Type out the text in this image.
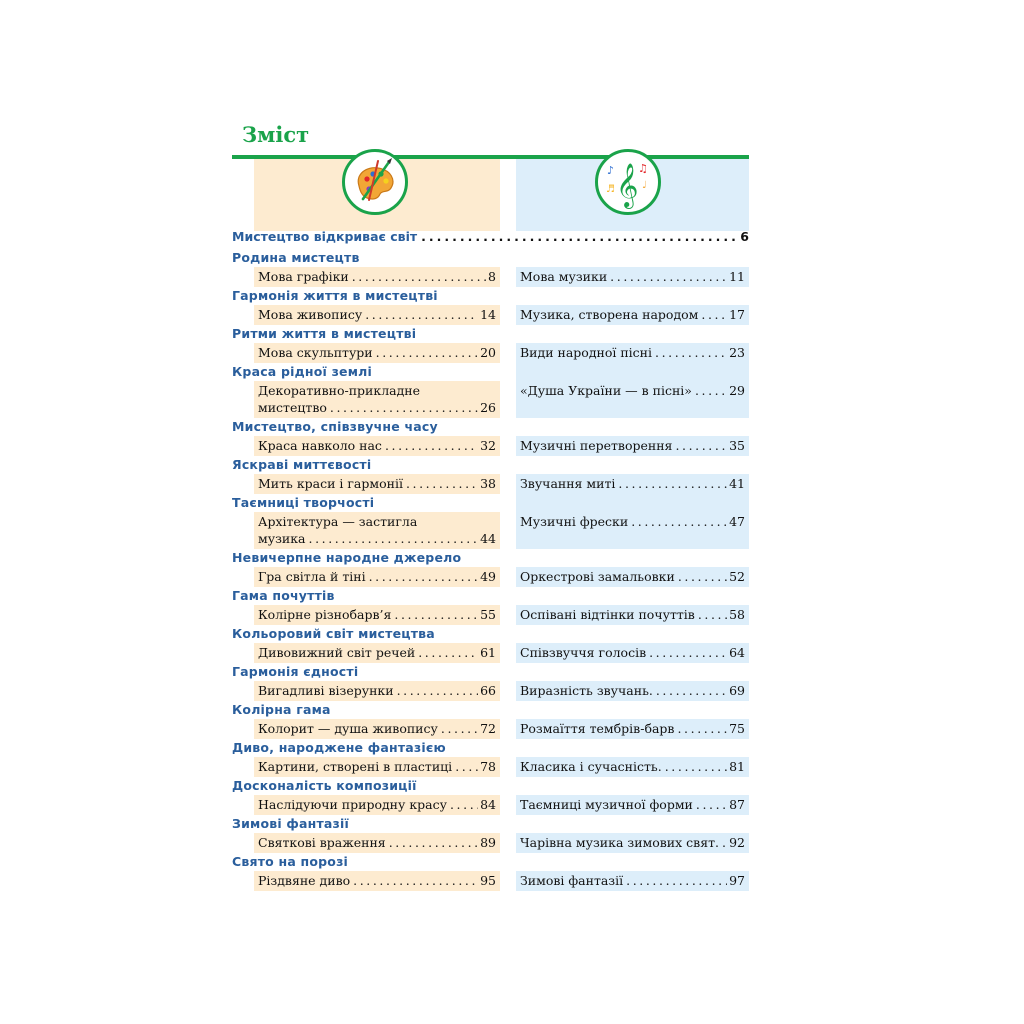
Зміст
𝄞
♪ ♫
♩
♬
Мистецтво відкриває світ .....	6
Родина мистецтв
Мова графіки .....	8 Мова музики .....	11
Гармонія життя в мистецтві
Мова живопису .....	14 Музика, створена народом ..... 17
Ритми життя в мистецтві
Мова скульптури .....	20 Види народної пісні .....	23
Краса рідної землі
Декоративно-прикладне
мистецтво .....	26
«Душа України — в пісні» .....	29
Мистецтво, співзвучне часу
Краса навколо нас .....	32 Музичні перетворення .....	35
Яскраві миттєвості
Мить краси і гармонії .....	38 Звучання миті .....	41
Таємниці творчості
Архітектура — застигла
музика .....	44
Музичні фрески .....	47
Невичерпне народне джерело
Гра світла й тіні .....	49 Оркестрові замальовки .....	52
Гама почуттів
Колірне різнобарв’я .....	55 Оспівані відтінки почуттів .....	58
Кольоровий світ мистецтва
Дивовижний світ речей .....	61 Співзвуччя голосів .....	64
Гармонія єдності
Вигадливі візерунки .....	66 Виразність звучань. .....	69
Колірна гама
Колорит — душа живопису .....	72 Розмаїття тембрів-барв .....	75
Диво, народжене фантазією
Картини, створені в пластиці ..... 78 Класика і сучасність. .....	81
Досконалість композиції
Наслідуючи природну красу .....	84 Таємниці музичної форми .....	87
Зимові фантазії
Святкові враження .....	89 Чарівна музика зимових свят. ..... 92
Свято на порозі
Різдвяне диво .....	95 Зимові фантазії .....	97
